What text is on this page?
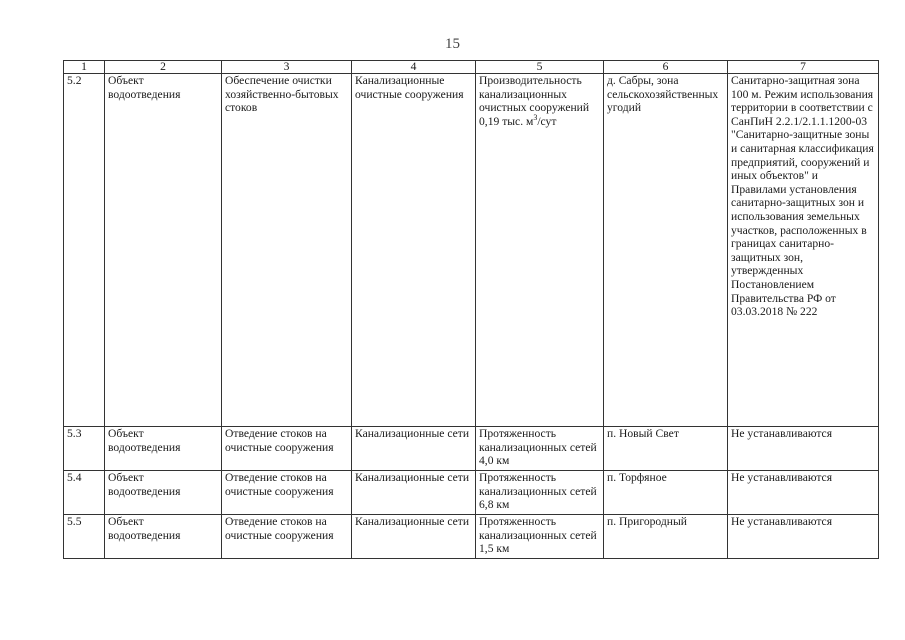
15
1	2	3	4	5	6	7
5.2	Объект водоотведения	Обеспечение очистки хозяйственно-бытовых стоков	Канализационные очистные сооружения	Производительность канализационных очистных сооружений 0,19 тыс. $м^3$/сут	д. Сабры, зона сельскохозяйственных угодий	Санитарно-защитная зона 100 м. Режим использования территории в соответствии с СанПиН 2.2.1/2.1.1.1200-03 "Санитарно-защитные зоны и санитарная классификация предприятий, сооружений и иных объектов" и Правилами установления санитарно-защитных зон и использования земельных участков, расположенных в границах санитарно-защитных зон, утвержденных Постановлением Правительства РФ от 03.03.2018 № 222
5.3	Объект водоотведения	Отведение стоков на очистные сооружения	Канализационные сети	Протяженность канализационных сетей 4,0 км	п. Новый Свет	Не устанавливаются
5.4	Объект водоотведения	Отведение стоков на очистные сооружения	Канализационные сети	Протяженность канализационных сетей 6,8 км	п. Торфяное	Не устанавливаются
5.5	Объект водоотведения	Отведение стоков на очистные сооружения	Канализационные сети	Протяженность канализационных сетей 1,5 км	п. Пригородный	Не устанавливаются
